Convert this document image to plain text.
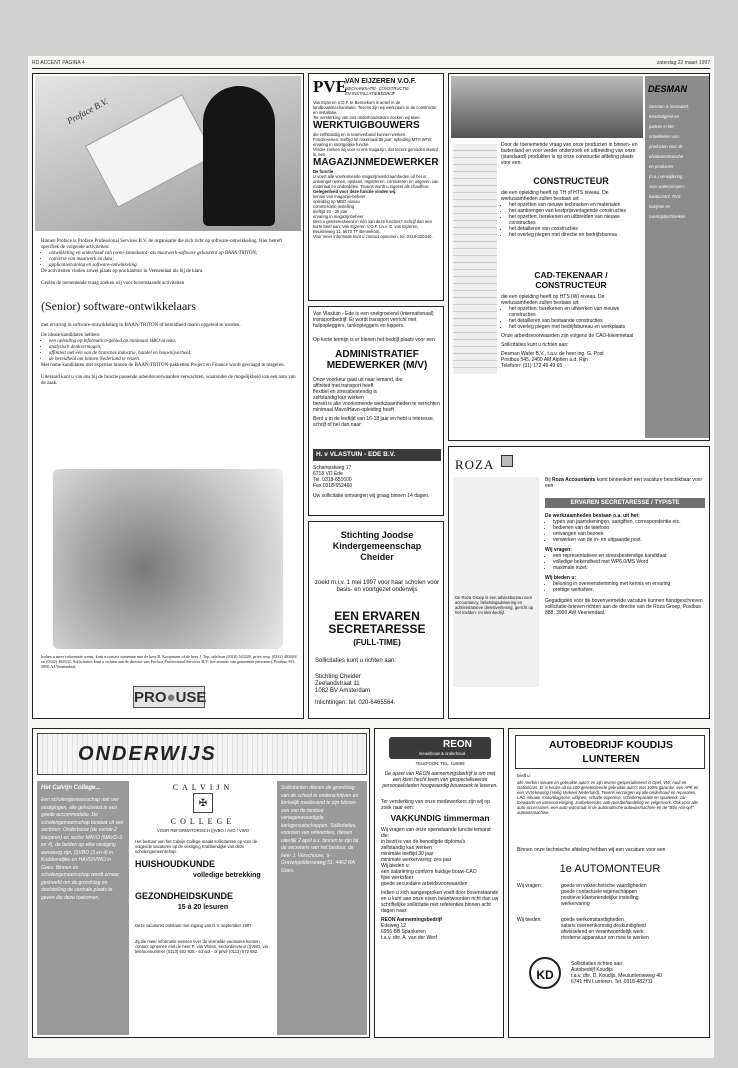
RD ACCENT PAGINA 4	zaterdag 22 maart 1997
Proface B.V.
Binnen Proface is Proface Professional Services B.V. de organisatie die zich richt op software-ontwikkeling. Hier betreft specifiek de volgende activiteiten:
• ontwikkeling en onderhoud van (semi-)standaard- als maatwerk-software gebaseerd op BAAN/TRITON;
• converse van maatwerk en data;
• applicatietraining en software-ontwikkeling.
De activiteiten vinden zowel plaats op ons kantoor in Veenendaal als bij de klant.
Gezien de toenemende vraag zoeken wij voor bovenstaande activiteiten
(Senior) software-ontwikkelaars
met ervaring in software-ontwikkeling in BAAN/TRITON of bereidheid daarin opgeleid te worden.
De ideale kandidaten hebben:
• een opleiding op informatica-gebied op minimaal HBO-niveau;
• analytisch denkvermogen;
• affiniteit met één van de branches industrie, handel en bouwnijverheid;
• de bereidheid om binnen Nederland te reizen.
Met name kandidaten met expertise binnen de BAAN/TRITON-pakketten Project en Finance wordt gevraagd te reageren.
Uiteraard kunt u van ons bij de functie passende arbeidsvoorwaarden verwachten, waaronder de mogelijkheid van een auto van de zaak.
Indien u meer informatie wenst, kunt u contact opnemen met de heer R. Koopmans of de heer J. Top, telefoon (0318) 543220, prive resp. (0342) 482684 en (0342) 482632. Sollicitaties kunt u richten aan de directie van Proface Professional Services B.V. (ter attentie van genoemde personen), Postbus 353, 3900 AJ Veenendaal.
PRO●USE
PVE
VAN EIJZEREN V.O.F.
MECHANISATIE- CONSTRUCTIE-
EN INSTALLATIEBEDRIJF
Van Eijzeren V.O.F. te Bennekom is actief in de landbouwmechanisatie. Tevens zijn wij werkzaam in de constructie en installatie.
Ter versterking van ons onderhoudsteam zoeken wij twee:
WERKTUIGBOUWERS
die zelfstandig en in teamverband kunnen werken.
Functie-eisen: leeftijd tot maximaal 35 jaar; opleiding MTS WTB; ervaring in soortgelijke functie.
Verder zoeken wij voor in ons magazijn, dat recent gemoderniseerd is, een
MAGAZIJNMEDEWERKER
De functie
U voert alle voorkomende magazijnwerkzaamheden uit het in ontvangst nemen, opslaan, registreren, controleren en uitgeven van materiaal en onderdelen. Tevens wordt u ingezet als chauffeur.
Gelegenheid voor deze functie vinden wij:
kennis van magazijn-beheer
opleiding op MBO niveau
commerciële instelling
leeftijd 20 - 35 jaar
ervaring in magazijnbeheer
Bent u geïnteresseerd in één van deze functies? Schrijf dan een korte brief aan: Van Eijzeren V.O.F. t.a.v. C. van Eijzeren, Beukenweg 11, 6670 TT Bennekom.
Voor meer informatie kunt u contact opnemen, tel. 0318-320340.
Van Vlastuin - Ede is een snelgroeiend (internationaal) transportbedrijf. Er wordt transport verricht met hulpopleggers, tankopleggers en kippers.
Op korte termijn is er binnen het bedrijf plaats voor een
ADMINISTRATIEF
MEDEWERKER (M/V)
Onze voorkeur gaat uit naar iemand, die:
affiniteit met transport heeft
flexibel en stressbestendig is
zelfstandig kan werken
bereid is alle voorkomende werkzaamheden te verrichten
minimaal Mavo/Havo-opleiding heeft
Bent u in de leeftijd van 16-18 jaar en hebt u interesse, schrijf of bel dan naar:
H. v VLASTUIN - EDE B.V.
Schampstweg 17
6718 VD Ede
Tel. 0318-651600
Fax 0318-652460
Uw sollicitatie ontvangen wij graag binnen 14 dagen.
Stichting Joodse
Kindergemeenschap
Cheider
zoekt m.i.v. 1 mei 1997 voor haar scholen voor basis- en voortgezet onderwijs
EEN ERVAREN
SECRETARESSE
(FULL-TIME)
Sollicitaties kunt u richten aan:
Stichting Cheider
Zeelandstraat 11
1082 BV Amsterdam
Inlichtingen: tel. 020-6465564.
DESMAN
Desman is innovatief,
trendvolgend en
partner in het
ontwikkelen van
producten voor de
afvalwaterbranche
en producent
(o.a.) verwijdering
voor waterpompen,
kantoorstof, RVS
kozijnen en
overkapttechnieken
Door de toenemende vraag van onze producten in binnen- en buitenland en voor verder onderzoek en uitbreiding van onze (standaard) produkten is op onze constructie afdeling plaats voor een:
CONSTRUCTEUR
die een opleiding heeft op TH of HTS niveau. De werkzaamheden zullen bestaan uit:
• het opzetten van nieuwe technieken en materialen
• het aanbrengen van kostprijsverlagende constructies
• het opzetten, berekenen en uitbreiden van nieuwe constructies
• het detailleren van constructies
• het overleg plegen met directie en bedrijfsbureau
CAD-TEKENAAR /
CONSTRUCTEUR
die een opleiding heeft op HTS (W) niveau. De werkzaamheden zullen bestaan uit:
• het opzetten, berekenen en uitwerken van nieuwe constructies
• het detailleren van bestaande constructies
• het overleg plegen met bedrijfsbureau en werkplaats
Onze arbeidsvoorwaarden zijn volgens de CAO-kleinmetaal
Sollicitaties kunt u richten aan:
Desman Water B.V., t.a.v. de heer ing. G. Post
Postbus 545, 2400 AM Alphen a.d. Rijn
Telefoon: (31) 172 49 49 65
ROZA
De Roza Groep is een adviesbureau voor accountancy, belastingadvisering en administratieve dienstverlening, gericht op het midden- en kleinbedrijf.
Bij Roza Accountants komt binnenkort een vacature beschikbaar voor een
ERVAREN SECRETARESSE / TYPISTE
De werkzaamheden bestaan o.a. uit het:
• typen van jaarrekeningen, aangiften, correspondentie etc.
• bedienen van de telefoon
• ontvangen van bezoek
• verwerken van de in- en uitgaande post.
Wij vragen:
• een representatieve en stressbestendige kandidaat
• volledige bekendheid met WP6.0/MS Word
• maximale inzet.
Wij bieden u:
• beloning in overeenstemming met kennis en ervaring
• prettige werksfeer.
Gegadigden voor de bovenvermelde vacature kunnen handgeschreven sollicitatie-brieven richten aan de directie van de Roza Groep, Postbus 888, 3900 AW Veenendaal.
ONDERWIJS
Het Calvijn College...
Een scholengemeenschap met vier vestigingen, alle gehuisvest in een goede accommodatie. De scholengemeenschap bestaat uit vier sectoren: Onderbouw (de eerste 2 leerjaren) en sector MAVO (MAVO-3 en 4), de beiden op elke vestiging aanwezig zijn, (I)VBO (3 en 4) in Krabbendijke en HAVO/VWO in Goes. Binnen de scholengemeenschap wordt ernaar gestreefd om de grondslag en doelstelling de centrale plaats te geven die deze toekomen.
Sollicitanten dienen de grondslag van de school te onderschrijven en kerkelijk meelevend te zijn binnen een van de bestuur vertegenwoordigde kerkgenootschappen. Sollicitaties, voorzien van referenties, dienen uiterlijk 2 april a.s. binnen te zijn bij de secretaris van het bestuur, de heer J. Verschoure, 's-Gravenpolderseweg 51, 4462 RA Goes.
CALVIJN
✠
COLLEGE
VOOR REFORMATORISCH (I)VBO / AVO / VWO
Het bestuur van het Calvijn College maakt sollicitanten op voor de volgende vacatures op de vestiging Krabbendijke van deze scholengemeenschap.
HUISHOUDKUNDE
volledige betrekking
GEZONDHEIDSKUNDE
15 à 20 lesuren
Deze vacatures ontstaan met ingang van D.V. september 1997
Zij die meer informatie wensen over de vermelde vacatures kunnen contact opnemen met de heer P. van Vloten, sectordirecteur (I)VBO, via telefoonnummer (0113) 502 925 - school - of privé (0113) 572 682.
REON
nieuwbouw & onderhoud
TELEFOON: TEL. 416899
De opzet van REON aannemingsbedrijf is om met een klein hecht team van gespecialiseerde personeelsleden hoogwaardig bouwwerk te leveren.
Ter versterking van onze medewerkers zijn wij op zoek naar een:
VAKKUNDIG timmerman
Wij vragen van onze openstaande functie iemand die:
in bezit is van de benodigde diploma's
zelfstandig kan werken
minimale leeftijd 30 jaar
minimale werkervaring: zes jaar
Wij bieden u:
een salariëring conform huidige bouw-CAO
fijne werksfeer
goede secundaire arbeidsvoorwaarden
Indien u zich aangesproken voelt door bovenstaande en u kunt aan onze eisen beantwoorden richt dan uw schriftelijke sollicitatie met referenties binnen acht dagen naar:
REON Aannemingsbedrijf
Edeweg 12
6956 BB Spankeren
t.a.v. dhr. A. van der Werf
AUTOBEDRIJF KOUDIJS
LUNTEREN
biedt u:
alle merken nieuwe en gebruikte auto's en zijn tevens gespecialiseerd in Opel, VW, Audi en stationcars. Er is keuze uit ca.100 geselecteerde gebruikte auto's met 100% garantie, een APK en een VVN-keuring (Veilig Verkeer Nederland). Tevens verzorgen wij alle onderhoud en reparaties, LPG-inbouw, motordiagnose, uitlijnen, schade-expertise, schadereparatie en spuitwerk, car-toewaarts en interieurreiniging, zonbeheerder, anti-roestbehandeling en velgenvork. Ook voor alle auto-accessoires, een auto-wasstraat in de automatische autowasmachine en de "Bon Hal-opf" autowasmachine.
Binnen onze technische afdeling hebben wij een vacature voor een
1e AUTOMONTEUR
Wij vragen:	goede en vaktechnische vaardigheden
goede contactuele eigenschappen
positieve klantvriendelijke instelling
werkervaring
Wij bieden:	goede werkomstandigheden
salaris overeenkomstig deskundigheid
afwisselend en verantwoordelijk werk
moderne apparatuur om mee te werken
KD
Sollicitaties richten aan:
Autobedrijf Koudijs
t.a.v. dhr. D. Koudijs, Meulunterseweg 40
6741 HN Lunteren. Tel. 0318-482711
